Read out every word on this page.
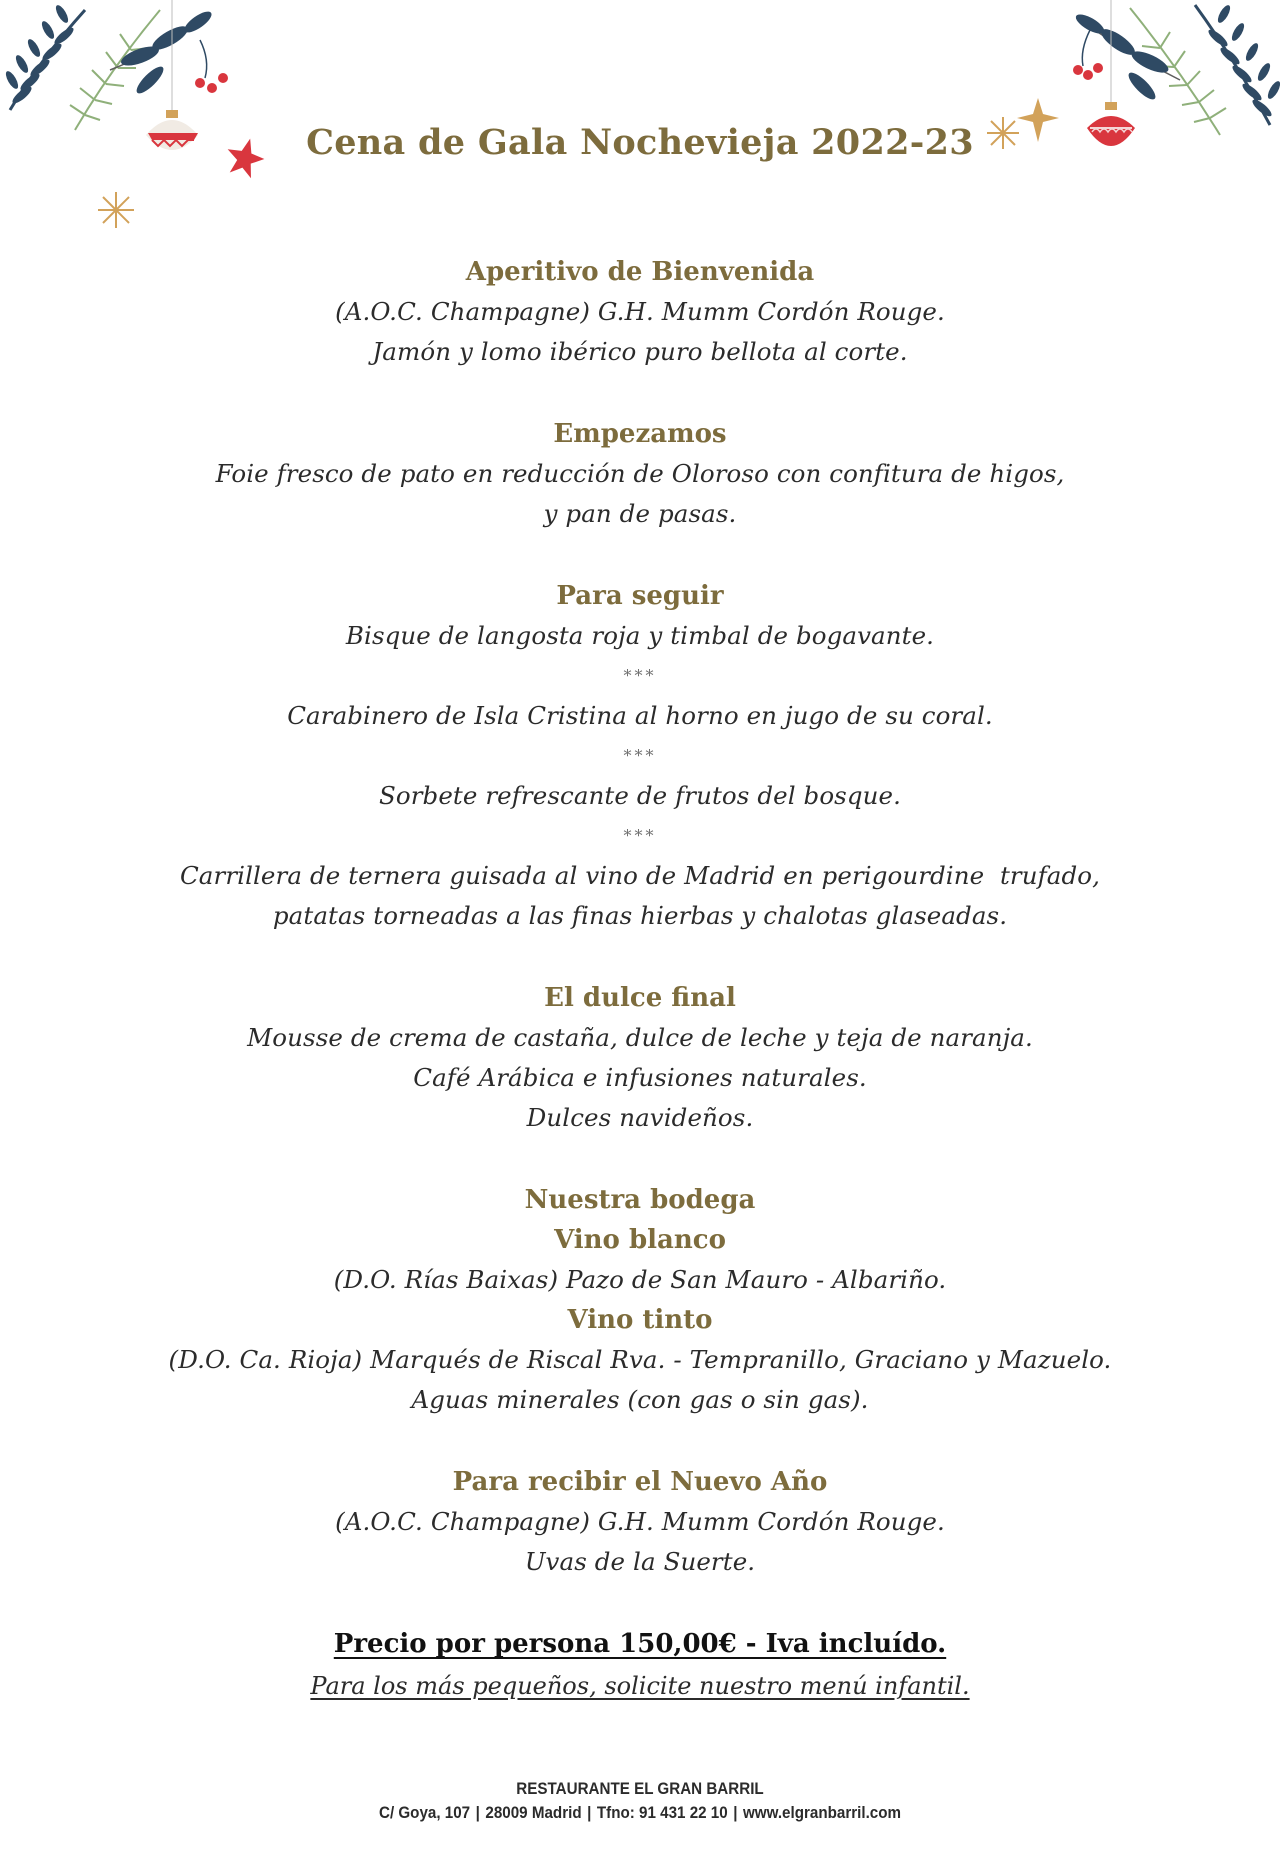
Cena de Gala Nochevieja 2022-23
Aperitivo de Bienvenida
(A.O.C. Champagne) G.H. Mumm Cordón Rouge.
Jamón y lomo ibérico puro bellota al corte.
Empezamos
Foie fresco de pato en reducción de Oloroso con confitura de higos,
y pan de pasas.
Para seguir
Bisque de langosta roja y timbal de bogavante.
***
Carabinero de Isla Cristina al horno en jugo de su coral.
***
Sorbete refrescante de frutos del bosque.
***
Carrillera de ternera guisada al vino de Madrid en perigourdine  trufado,
patatas torneadas a las finas hierbas y chalotas glaseadas.
El dulce final
Mousse de crema de castaña, dulce de leche y teja de naranja.
Café Arábica e infusiones naturales.
Dulces navideños.
Nuestra bodega
Vino blanco
(D.O. Rías Baixas) Pazo de San Mauro - Albariño.
Vino tinto
(D.O. Ca. Rioja) Marqués de Riscal Rva. - Tempranillo, Graciano y Mazuelo.
Aguas minerales (con gas o sin gas).
Para recibir el Nuevo Año
(A.O.C. Champagne) G.H. Mumm Cordón Rouge.
Uvas de la Suerte.
Precio por persona 150,00€ - Iva incluído.
Para los más pequeños, solicite nuestro menú infantil.
RESTAURANTE EL GRAN BARRIL
C/ Goya, 107 | 28009 Madrid | Tfno: 91 431 22 10 | www.elgranbarril.com
